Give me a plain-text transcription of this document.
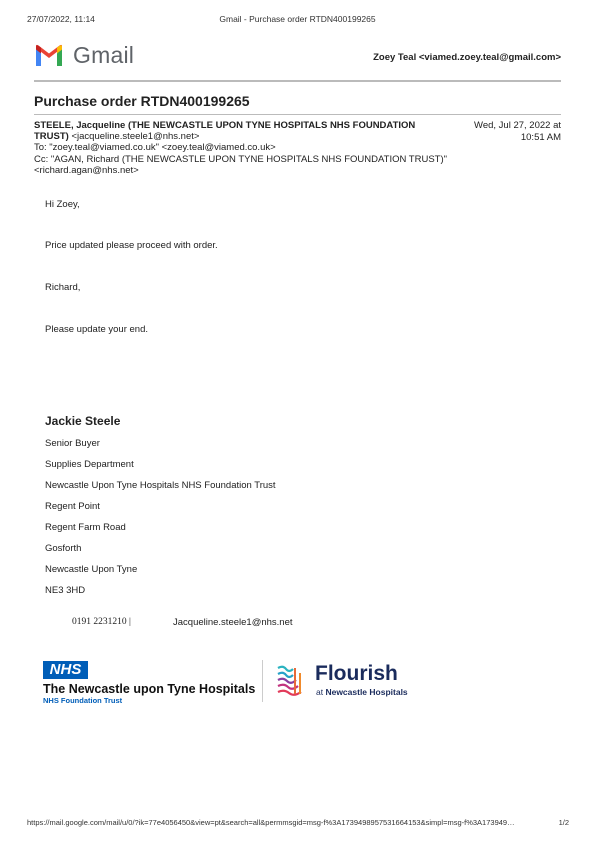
27/07/2022, 11:14	Gmail - Purchase order RTDN400199265
Gmail	Zoey Teal <viamed.zoey.teal@gmail.com>
Purchase order RTDN400199265
STEELE, Jacqueline (THE NEWCASTLE UPON TYNE HOSPITALS NHS FOUNDATION
TRUST) <jacqueline.steele1@nhs.net>
To: "zoey.teal@viamed.co.uk" <zoey.teal@viamed.co.uk>
Cc: "AGAN, Richard (THE NEWCASTLE UPON TYNE HOSPITALS NHS FOUNDATION TRUST)"
<richard.agan@nhs.net>
Wed, Jul 27, 2022 at
10:51 AM
Hi Zoey,
Price updated please proceed with order.
Richard,
Please update your end.
Jackie Steele
Senior Buyer
Supplies Department
Newcastle Upon Tyne Hospitals NHS Foundation Trust
Regent Point
Regent Farm Road
Gosforth
Newcastle Upon Tyne
NE3 3HD
0191 2231210 |	Jacqueline.steele1@nhs.net
NHS
The Newcastle upon Tyne Hospitals
NHS Foundation Trust
Flourish
at Newcastle Hospitals
https://mail.google.com/mail/u/0/?ik=77e4056450&view=pt&search=all&permmsgid=msg-f%3A1739498957531664153&simpl=msg-f%3A173949…	1/2
